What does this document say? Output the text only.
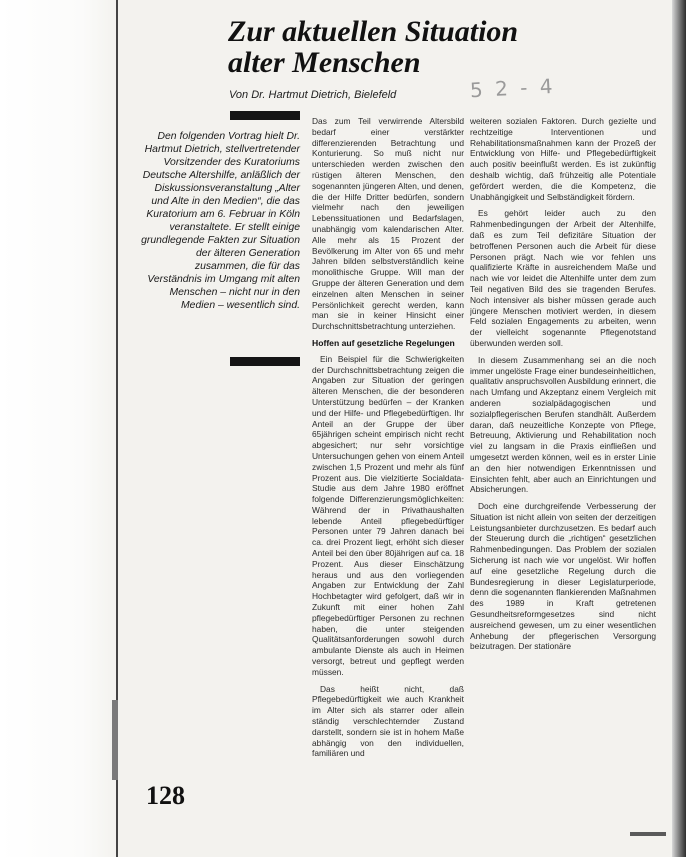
Zur aktuellen Situation
alter Menschen
Von Dr. Hartmut Dietrich, Bielefeld	5 2 - 4
Den folgenden Vortrag hielt Dr. Hartmut Dietrich, stellvertretender Vorsitzender des Kuratoriums Deutsche Altershilfe, anläßlich der Diskussionsveranstaltung „Alter und Alte in den Medien“, die das Kuratorium am 6. Februar in Köln veranstaltete. Er stellt einige grundlegende Fakten zur Situation der älteren Generation zusammen, die für das Verständnis im Umgang mit alten Menschen – nicht nur in den Medien – wesentlich sind.

Das zum Teil verwirrende Altersbild bedarf einer verstärkter differenzierenden Betrachtung und Konturierung. So muß nicht nur unterschieden werden zwischen den rüstigen älteren Menschen, den sogenannten jüngeren Alten, und denen, die der Hilfe Dritter bedürfen, sondern vielmehr nach den jeweiligen Lebenssituationen und Bedarfslagen, unabhängig vom kalendarischen Alter. Alle mehr als 15 Prozent der Bevölkerung im Alter von 65 und mehr Jahren bilden selbstverständlich keine monolithische Gruppe. Will man der Gruppe der älteren Generation und dem einzelnen alten Menschen in seiner Persönlichkeit gerecht werden, kann man sie in keiner Hinsicht einer Durchschnittsbetrachtung unterziehen.

Hoffen auf gesetzliche Regelungen

Ein Beispiel für die Schwierigkeiten der Durchschnittsbetrachtung zeigen die Angaben zur Situation der geringen älteren Menschen, die der besonderen Unterstützung bedürfen – der Kranken und der Hilfe- und Pflegebedürftigen. Ihr Anteil an der Gruppe der über 65jährigen scheint empirisch nicht recht abgesichert; nur sehr vorsichtige Untersuchungen gehen von einem Anteil zwischen 1,5 Prozent und mehr als fünf Prozent aus. Die vielzitierte Socialdata-Studie aus dem Jahre 1980 eröffnet folgende Differenzierungsmöglichkeiten: Während der in Privathaushalten lebende Anteil pflegebedürftiger Personen unter 79 Jahren danach bei ca. drei Prozent liegt, erhöht sich dieser Anteil bei den über 80jährigen auf ca. 18 Prozent. Aus dieser Einschätzung heraus und aus den vorliegenden Angaben zur Entwicklung der Zahl Hochbetagter wird gefolgert, daß wir in Zukunft mit einer hohen Zahl pflegebedürftiger Personen zu rechnen haben, die unter steigenden Qualitätsanforderungen sowohl durch ambulante Dienste als auch in Heimen versorgt, betreut und gepflegt werden müssen.

Das heißt nicht, daß Pflegebedürftigkeit wie auch Krankheit im Alter sich als starrer oder allein ständig verschlechternder Zustand darstellt, sondern sie ist in hohem Maße abhängig von den individuellen, familiären und

weiteren sozialen Faktoren. Durch gezielte und rechtzeitige Interventionen und Rehabilitationsmaßnahmen kann der Prozeß der Entwicklung von Hilfe- und Pflegebedürftigkeit auch positiv beeinflußt werden. Es ist zukünftig deshalb wichtig, daß frühzeitig alle Potentiale gefördert werden, die die Kompetenz, die Unabhängigkeit und Selbständigkeit fördern.

Es gehört leider auch zu den Rahmenbedingungen der Arbeit der Altenhilfe, daß es zum Teil defizitäre Situation der betroffenen Personen auch die Arbeit für diese Personen prägt. Nach wie vor fehlen uns qualifizierte Kräfte in ausreichendem Maße und nach wie vor leidet die Altenhilfe unter dem zum Teil negativen Bild des sie tragenden Berufes. Noch intensiver als bisher müssen gerade auch jüngere Menschen motiviert werden, in diesem Feld sozialen Engagements zu arbeiten, wenn der vielleicht sogenannte Pflegenotstand überwunden werden soll.

In diesem Zusammenhang sei an die noch immer ungelöste Frage einer bundeseinheitlichen, qualitativ anspruchsvollen Ausbildung erinnert, die nach Umfang und Akzeptanz einem Vergleich mit anderen sozialpädagogischen und sozialpflegerischen Berufen standhält. Außerdem daran, daß neuzeitliche Konzepte von Pflege, Betreuung, Aktivierung und Rehabilitation noch viel zu langsam in die Praxis einfließen und umgesetzt werden können, weil es in erster Linie an den hier notwendigen Erkenntnissen und Einsichten fehlt, aber auch an Einrichtungen und Absicherungen.

Doch eine durchgreifende Verbesserung der Situation ist nicht allein von seiten der derzeitigen Leistungsanbieter durchzusetzen. Es bedarf auch der Steuerung durch die „richtigen“ gesetzlichen Rahmenbedingungen. Das Problem der sozialen Sicherung ist nach wie vor ungelöst. Wir hoffen auf eine gesetzliche Regelung durch die Bundesregierung in dieser Legislaturperiode, denn die sogenannten flankierenden Maßnahmen des 1989 in Kraft getretenen Gesundheitsreformgesetzes sind nicht ausreichend gewesen, um zu einer wesentlichen Anhebung der pflegerischen Versorgung beizutragen. Der stationäre

128
